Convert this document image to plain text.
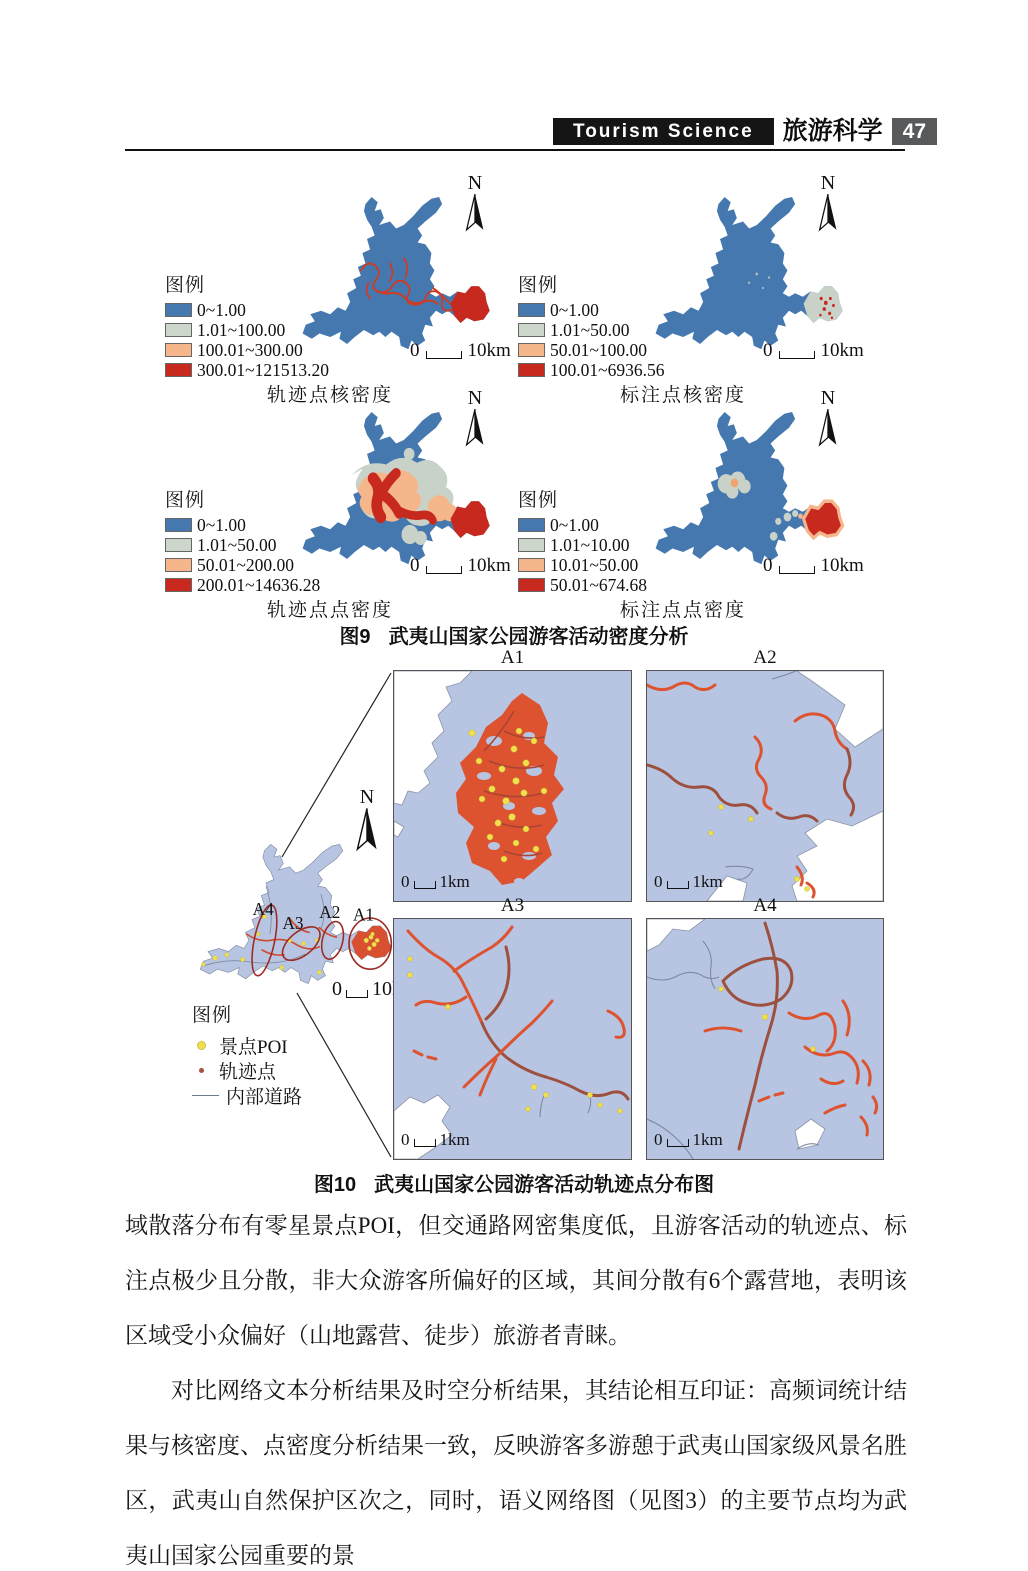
Tourism Science	旅游科学 47
N
图例
0~1.00
1.01~100.00
100.01~300.00
300.01~121513.20
0	10km
轨迹点核密度
N
图例
0~1.00
1.01~50.00
50.01~100.00
100.01~6936.56
0	10km
标注点核密度
N
图例
0~1.00
1.01~50.00
50.01~200.00
200.01~14636.28
0	10km
轨迹点点密度
N
图例
0~1.00
1.01~10.00
10.01~50.00
50.01~674.68
0	10km
标注点点密度
图9 武夷山国家公园游客活动密度分析
A4
A3
A2 A1
N
0 10km
图例
景点POI
轨迹点
内部道路
A1
0 1km
A2
0 1km
A3
0 1km
A4
0 1km
图10 武夷山国家公园游客活动轨迹点分布图

域散落分布有零星景点POI，但交通路网密集度低，且游客活动的轨迹点、标注点极少且分散，非大众游客所偏好的区域，其间分散有6个露营地，表明该区域受小众偏好（山地露营、徒步）旅游者青睐。

对比网络文本分析结果及时空分析结果，其结论相互印证：高频词统计结果与核密度、点密度分析结果一致，反映游客多游憩于武夷山国家级风景名胜区，武夷山自然保护区次之，同时，语义网络图（见图3）的主要节点均为武夷山国家公园重要的景
